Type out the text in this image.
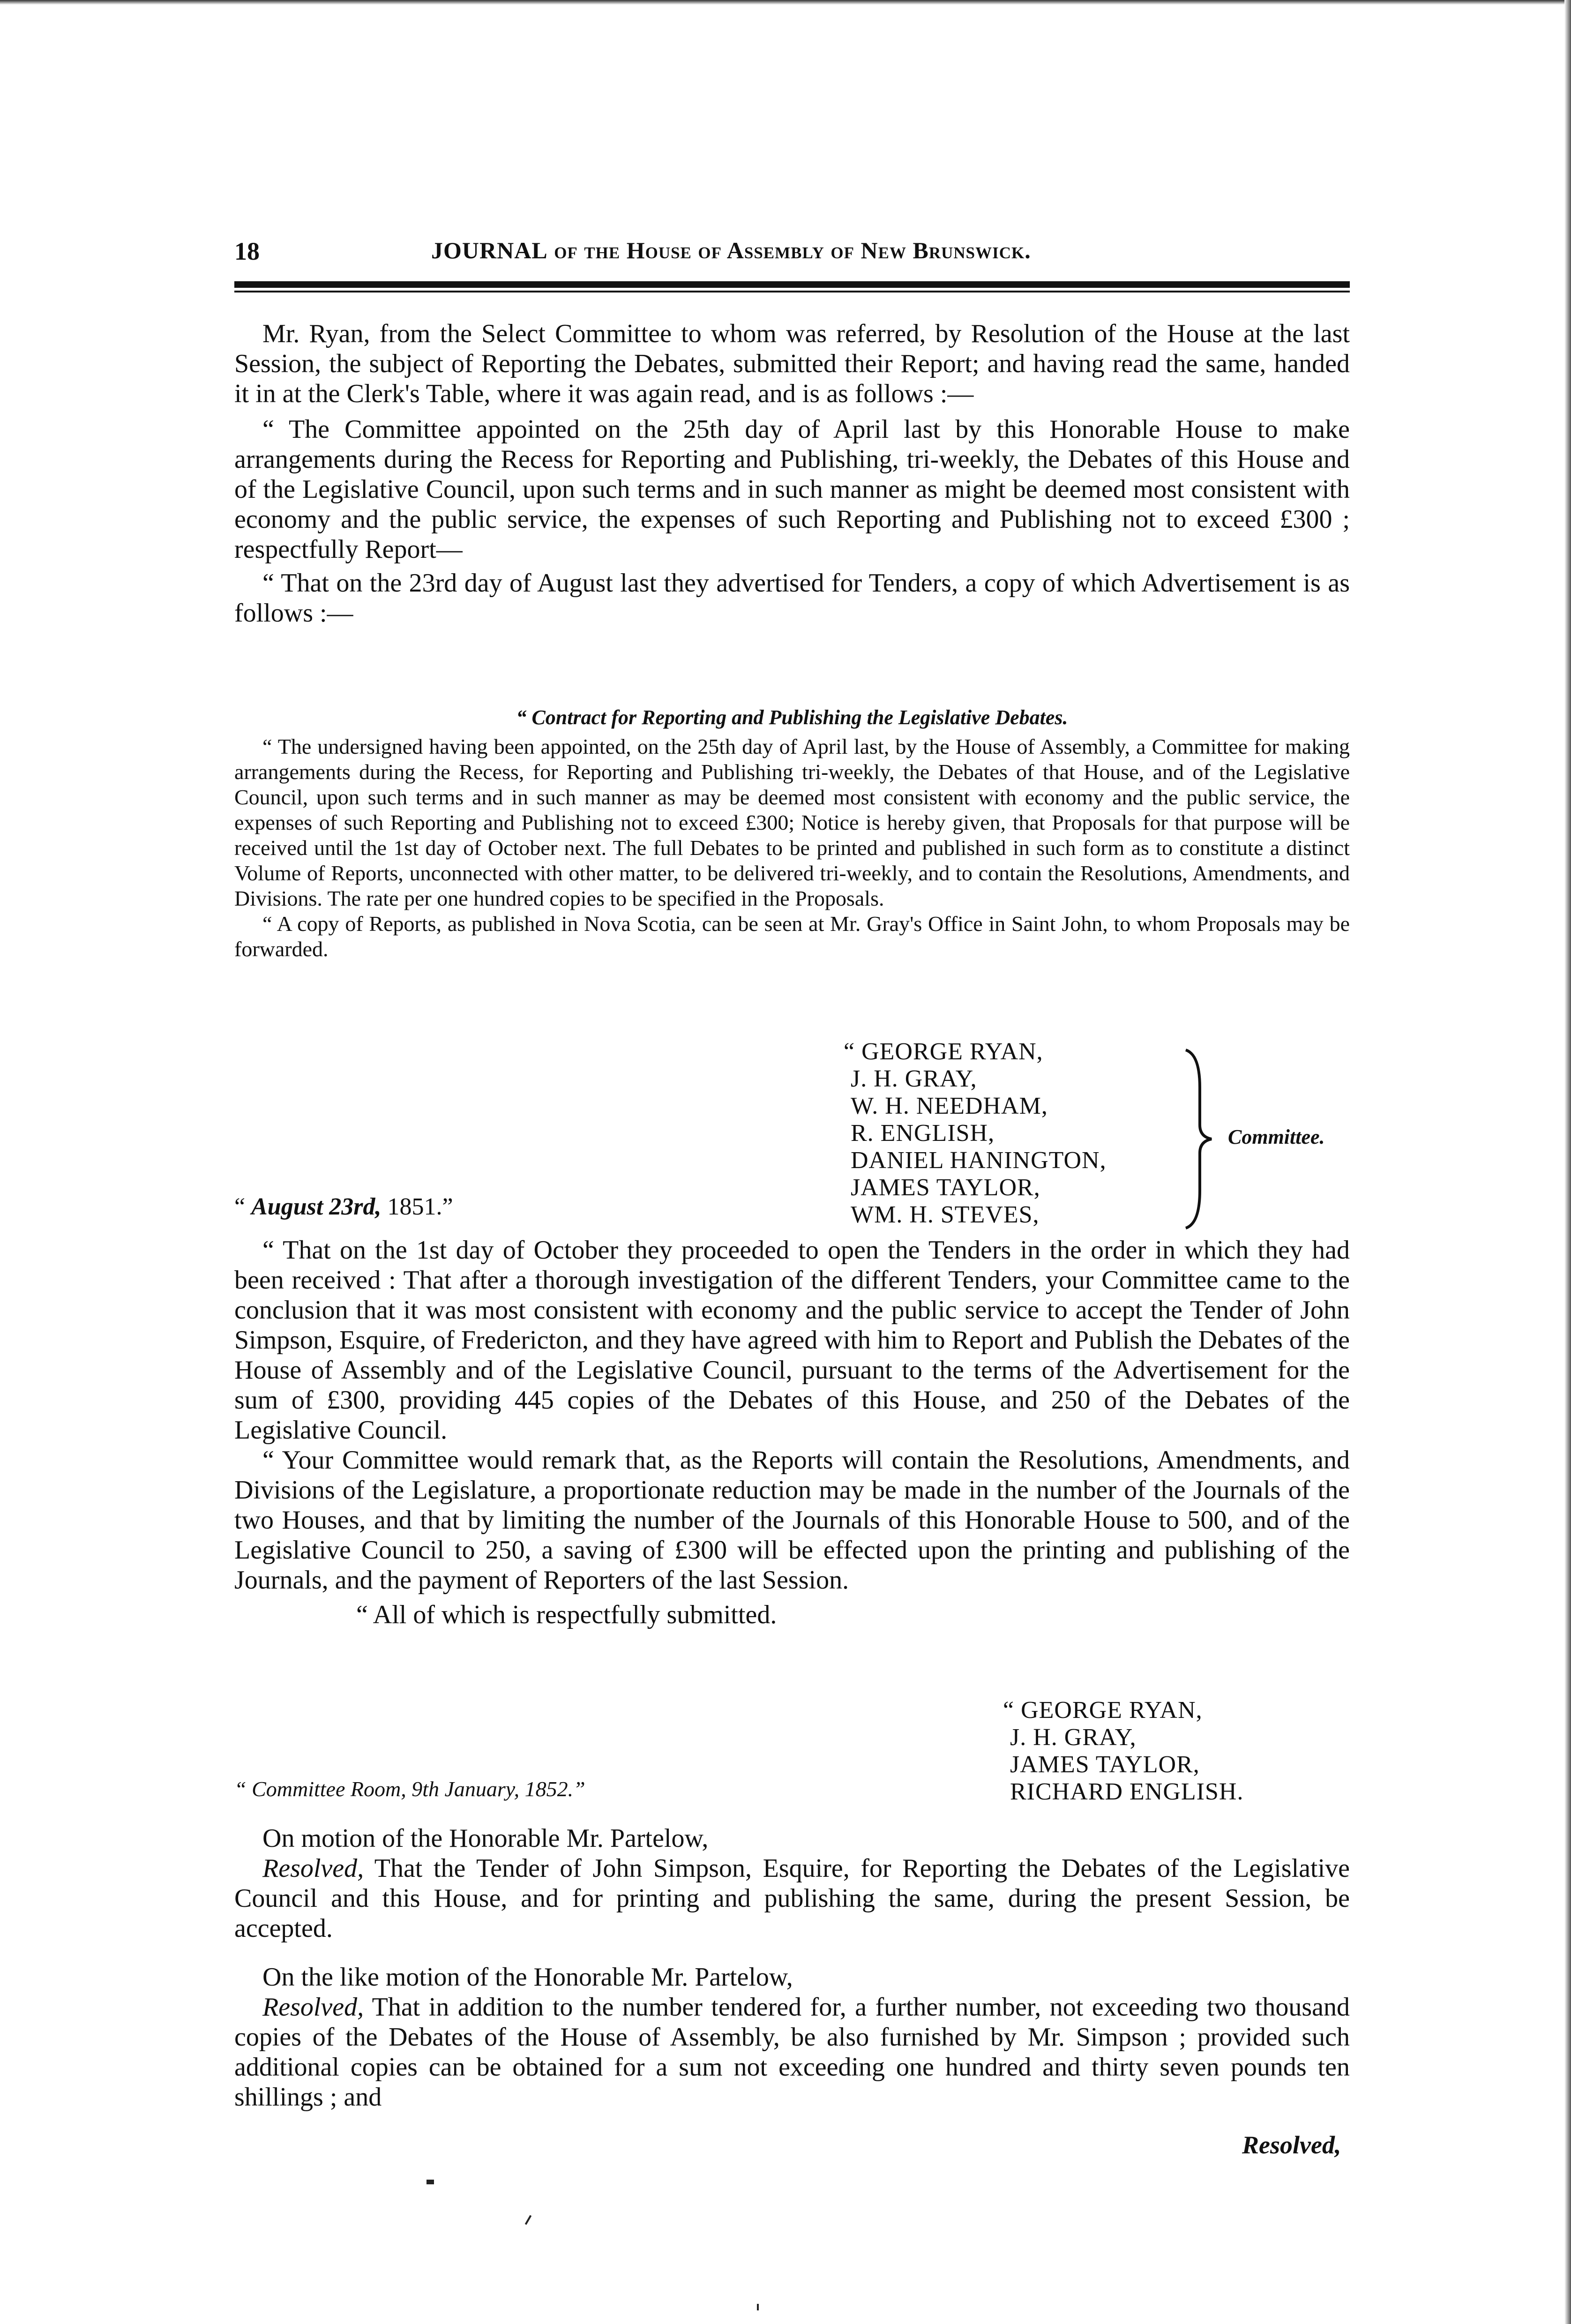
18	JOURNAL of the House of Assembly of New Brunswick.

Mr. Ryan, from the Select Committee to whom was referred, by Resolution of the House at the last Session, the subject of Reporting the Debates, submitted their Report; and having read the same, handed it in at the Clerk's Table, where it was again read, and is as follows :—

“ The Committee appointed on the 25th day of April last by this Honorable House to make arrangements during the Recess for Reporting and Publishing, tri-weekly, the Debates of this House and of the Legislative Council, upon such terms and in such manner as might be deemed most consistent with economy and the public service, the expenses of such Reporting and Publishing not to exceed £300 ; respectfully Report—

“ That on the 23rd day of August last they advertised for Tenders, a copy of which Advertisement is as follows :—

“ Contract for Reporting and Publishing the Legislative Debates.

“ The undersigned having been appointed, on the 25th day of April last, by the House of Assembly, a Committee for making arrangements during the Recess, for Reporting and Publishing tri-weekly, the Debates of that House, and of the Legislative Council, upon such terms and in such manner as may be deemed most consistent with economy and the public service, the expenses of such Reporting and Publishing not to exceed £300; Notice is hereby given, that Proposals for that purpose will be received until the 1st day of October next. The full Debates to be printed and published in such form as to constitute a distinct Volume of Reports, unconnected with other matter, to be delivered tri-weekly, and to contain the Resolutions, Amendments, and Divisions. The rate per one hundred copies to be specified in the Proposals.

“ A copy of Reports, as published in Nova Scotia, can be seen at Mr. Gray's Office in Saint John, to whom Proposals may be forwarded.

“ GEORGE RYAN,
J. H. GRAY,
W. H. NEEDHAM,
R. ENGLISH,
DANIEL HANINGTON,
JAMES TAYLOR,
WM. H. STEVES,
Committee.
“ August 23rd, 1851.”

“ That on the 1st day of October they proceeded to open the Tenders in the order in which they had been received : That after a thorough investigation of the different Tenders, your Committee came to the conclusion that it was most consistent with economy and the public service to accept the Tender of John Simpson, Esquire, of Fredericton, and they have agreed with him to Report and Publish the Debates of the House of Assembly and of the Legislative Council, pursuant to the terms of the Advertisement for the sum of £300, providing 445 copies of the Debates of this House, and 250 of the Debates of the Legislative Council.

“ Your Committee would remark that, as the Reports will contain the Resolutions, Amendments, and Divisions of the Legislature, a proportionate reduction may be made in the number of the Journals of the two Houses, and that by limiting the number of the Journals of this Honorable House to 500, and of the Legislative Council to 250, a saving of £300 will be effected upon the printing and publishing of the Journals, and the payment of Reporters of the last Session.

“ All of which is respectfully submitted.

“ GEORGE RYAN,
J. H. GRAY,
JAMES TAYLOR,
RICHARD ENGLISH.
“ Committee Room, 9th January, 1852.”

On motion of the Honorable Mr. Partelow,

Resolved, That the Tender of John Simpson, Esquire, for Reporting the Debates of the Legislative Council and this House, and for printing and publishing the same, during the present Session, be accepted.

On the like motion of the Honorable Mr. Partelow,

Resolved, That in addition to the number tendered for, a further number, not exceeding two thousand copies of the Debates of the House of Assembly, be also furnished by Mr. Simpson ; provided such additional copies can be obtained for a sum not exceeding one hundred and thirty seven pounds ten shillings ; and

Resolved,
